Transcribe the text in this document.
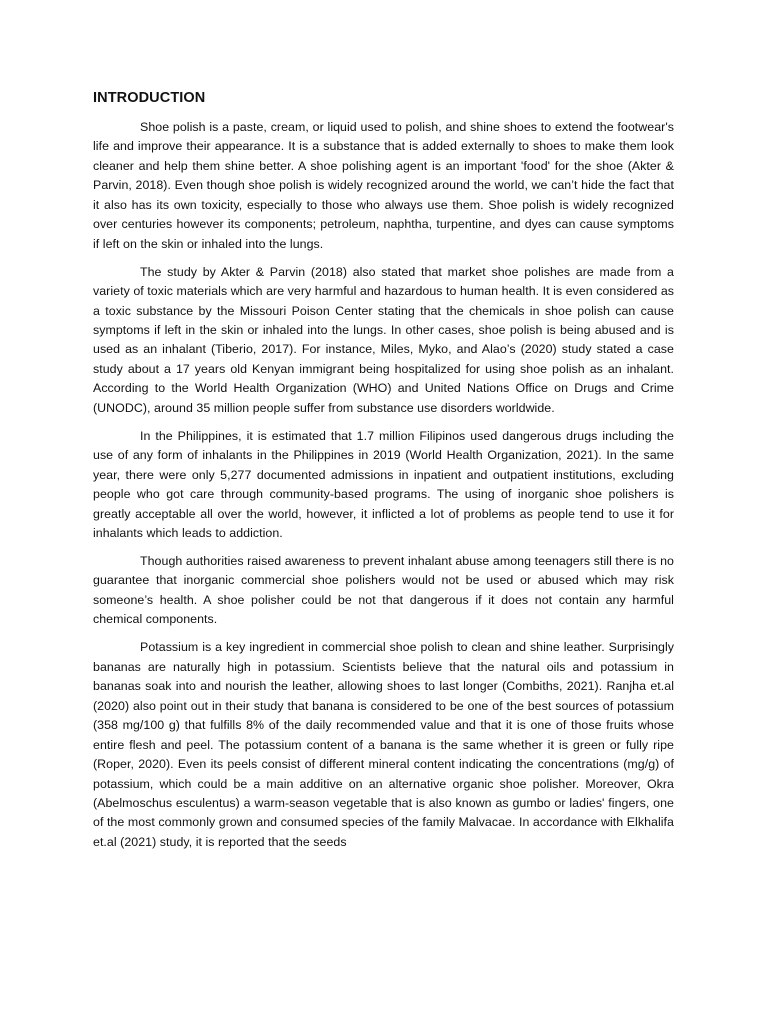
INTRODUCTION

Shoe polish is a paste, cream, or liquid used to polish, and shine shoes to extend the footwear's life and improve their appearance. It is a substance that is added externally to shoes to make them look cleaner and help them shine better. A shoe polishing agent is an important 'food' for the shoe (Akter & Parvin, 2018). Even though shoe polish is widely recognized around the world, we can’t hide the fact that it also has its own toxicity, especially to those who always use them. Shoe polish is widely recognized over centuries however its components; petroleum, naphtha, turpentine, and dyes can cause symptoms if left on the skin or inhaled into the lungs.

The study by Akter & Parvin (2018) also stated that market shoe polishes are made from a variety of toxic materials which are very harmful and hazardous to human health. It is even considered as a toxic substance by the Missouri Poison Center stating that the chemicals in shoe polish can cause symptoms if left in the skin or inhaled into the lungs. In other cases, shoe polish is being abused and is used as an inhalant (Tiberio, 2017). For instance, Miles, Myko, and Alao’s (2020) study stated a case study about a 17 years old Kenyan immigrant being hospitalized for using shoe polish as an inhalant. According to the World Health Organization (WHO) and United Nations Office on Drugs and Crime (UNODC), around 35 million people suffer from substance use disorders worldwide.

In the Philippines, it is estimated that 1.7 million Filipinos used dangerous drugs including the use of any form of inhalants in the Philippines in 2019 (World Health Organization, 2021). In the same year, there were only 5,277 documented admissions in inpatient and outpatient institutions, excluding people who got care through community-based programs. The using of inorganic shoe polishers is greatly acceptable all over the world, however, it inflicted a lot of problems as people tend to use it for inhalants which leads to addiction.

Though authorities raised awareness to prevent inhalant abuse among teenagers still there is no guarantee that inorganic commercial shoe polishers would not be used or abused which may risk someone’s health. A shoe polisher could be not that dangerous if it does not contain any harmful chemical components.

Potassium is a key ingredient in commercial shoe polish to clean and shine leather. Surprisingly bananas are naturally high in potassium. Scientists believe that the natural oils and potassium in bananas soak into and nourish the leather, allowing shoes to last longer (Combiths, 2021). Ranjha et.al (2020) also point out in their study that banana is considered to be one of the best sources of potassium (358 mg/100 g) that fulfills 8% of the daily recommended value and that it is one of those fruits whose entire flesh and peel. The potassium content of a banana is the same whether it is green or fully ripe (Roper, 2020). Even its peels consist of different mineral content indicating the concentrations (mg/g) of potassium, which could be a main additive on an alternative organic shoe polisher. Moreover, Okra (Abelmoschus esculentus) a warm-season vegetable that is also known as gumbo or ladies' fingers, one of the most commonly grown and consumed species of the family Malvacae. In accordance with Elkhalifa et.al (2021) study, it is reported that the seeds
